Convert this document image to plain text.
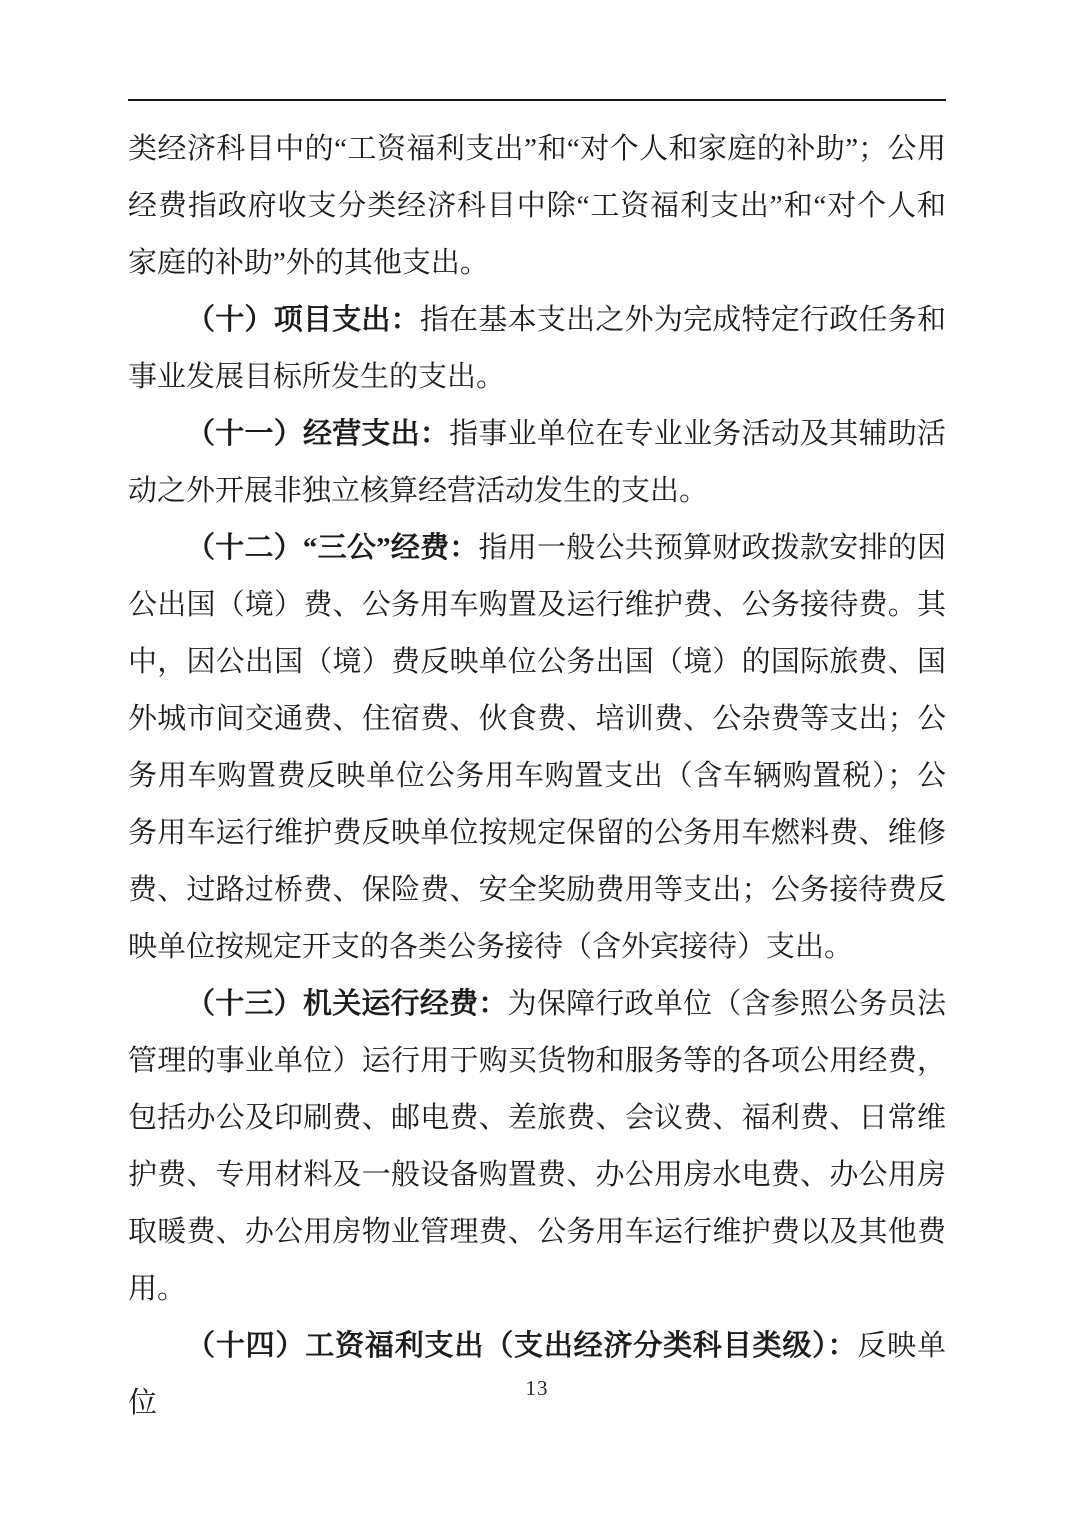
类经济科目中的“工资福利支出”和“对个人和家庭的补助”；公用经费指政府收支分类经济科目中除“工资福利支出”和“对个人和家庭的补助”外的其他支出。

（十）项目支出：指在基本支出之外为完成特定行政任务和事业发展目标所发生的支出。

（十一）经营支出：指事业单位在专业业务活动及其辅助活动之外开展非独立核算经营活动发生的支出。

（十二）“三公”经费：指用一般公共预算财政拨款安排的因公出国（境）费、公务用车购置及运行维护费、公务接待费。其中，因公出国（境）费反映单位公务出国（境）的国际旅费、国外城市间交通费、住宿费、伙食费、培训费、公杂费等支出；公务用车购置费反映单位公务用车购置支出（含车辆购置税）；公务用车运行维护费反映单位按规定保留的公务用车燃料费、维修费、过路过桥费、保险费、安全奖励费用等支出；公务接待费反映单位按规定开支的各类公务接待（含外宾接待）支出。

（十三）机关运行经费：为保障行政单位（含参照公务员法管理的事业单位）运行用于购买货物和服务等的各项公用经费，包括办公及印刷费、邮电费、差旅费、会议费、福利费、日常维护费、专用材料及一般设备购置费、办公用房水电费、办公用房取暖费、办公用房物业管理费、公务用车运行维护费以及其他费用。

（十四）工资福利支出（支出经济分类科目类级）：反映单位	13
